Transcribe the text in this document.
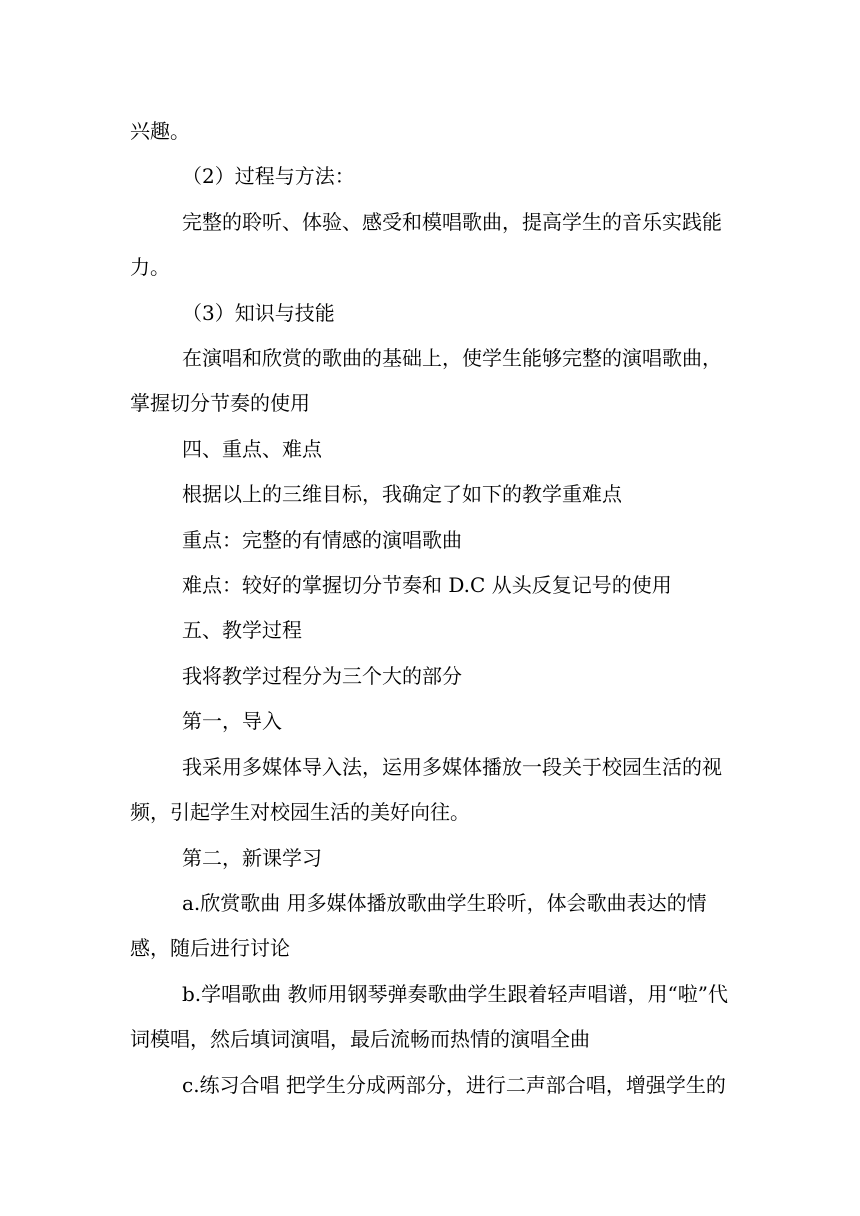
兴趣。

（2）过程与方法：

完整的聆听、体验、感受和模唱歌曲，提高学生的音乐实践能
力。

（3）知识与技能

在演唱和欣赏的歌曲的基础上，使学生能够完整的演唱歌曲，
掌握切分节奏的使用

四、重点、难点

根据以上的三维目标，我确定了如下的教学重难点

重点：完整的有情感的演唱歌曲

难点：较好的掌握切分节奏和 D.C 从头反复记号的使用

五、教学过程

我将教学过程分为三个大的部分

第一，导入

我采用多媒体导入法，运用多媒体播放一段关于校园生活的视
频，引起学生对校园生活的美好向往。

第二，新课学习

a.欣赏歌曲 用多媒体播放歌曲学生聆听，体会歌曲表达的情
感，随后进行讨论

b.学唱歌曲 教师用钢琴弹奏歌曲学生跟着轻声唱谱，用“啦”代
词模唱，然后填词演唱，最后流畅而热情的演唱全曲

c.练习合唱 把学生分成两部分，进行二声部合唱，增强学生的
